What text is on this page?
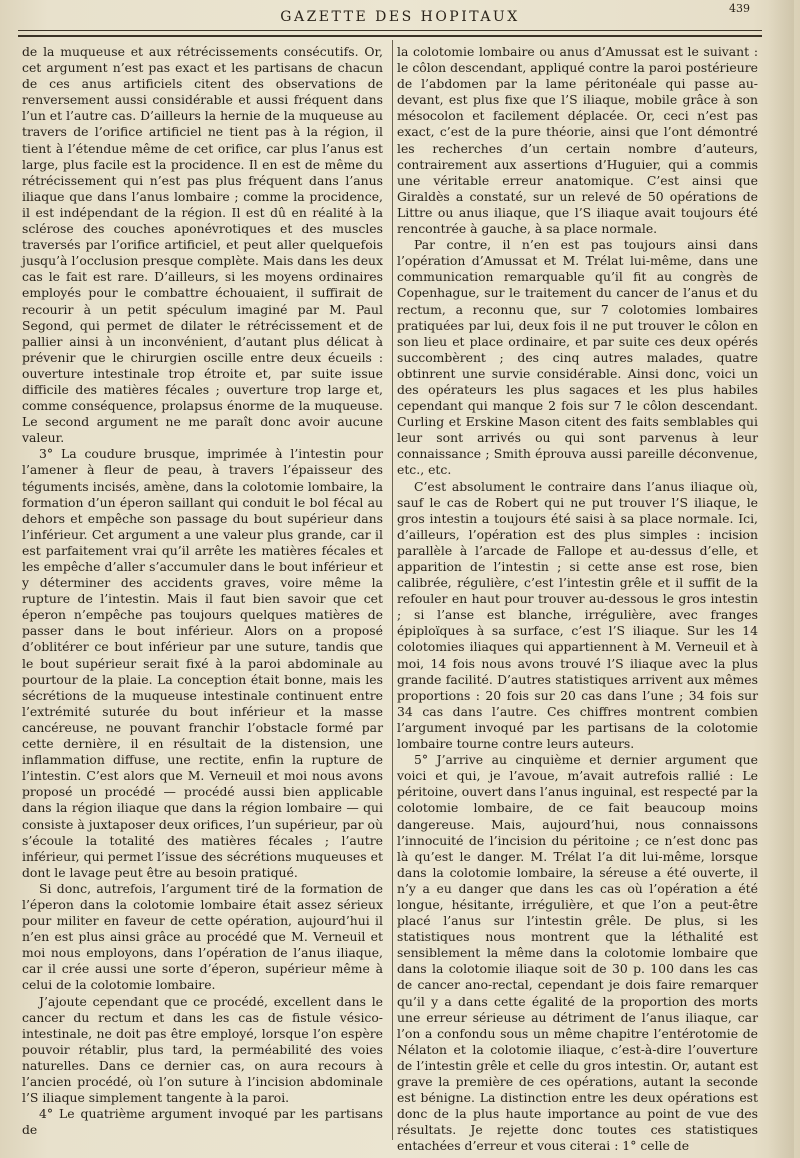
GAZETTE DES HOPITAUX
439

de la muqueuse et aux rétrécissements consécutifs. Or, cet argument n’est pas exact et les partisans de chacun de ces anus artificiels citent des observations de renversement aussi considérable et aussi fréquent dans l’un et l’autre cas. D’ailleurs la hernie de la muqueuse au travers de l’orifice artificiel ne tient pas à la région, il tient à l’étendue même de cet orifice, car plus l’anus est large, plus facile est la procidence. Il en est de même du rétrécissement qui n’est pas plus fréquent dans l’anus iliaque que dans l’anus lombaire ; comme la procidence, il est indépendant de la région. Il est dû en réalité à la sclérose des couches aponévrotiques et des muscles traversés par l’orifice artificiel, et peut aller quelquefois jusqu’à l’occlusion presque complète. Mais dans les deux cas le fait est rare. D’ailleurs, si les moyens ordinaires employés pour le combattre échouaient, il suffirait de recourir à un petit spéculum imaginé par M. Paul Segond, qui permet de dilater le rétrécissement et de pallier ainsi à un inconvénient, d’autant plus délicat à prévenir que le chirurgien oscille entre deux écueils : ouverture intestinale trop étroite et, par suite issue difficile des matières fécales ; ouverture trop large et, comme conséquence, prolapsus énorme de la muqueuse. Le second argument ne me paraît donc avoir aucune valeur.

3° La coudure brusque, imprimée à l’intestin pour l’amener à fleur de peau, à travers l’épaisseur des téguments incisés, amène, dans la colotomie lombaire, la formation d’un éperon saillant qui conduit le bol fécal au dehors et empêche son passage du bout supérieur dans l’inférieur. Cet argument a une valeur plus grande, car il est parfaitement vrai qu’il arrête les matières fécales et les empêche d’aller s’accumuler dans le bout inférieur et y déterminer des accidents graves, voire même la rupture de l’intestin. Mais il faut bien savoir que cet éperon n’empêche pas toujours quelques matières de passer dans le bout inférieur. Alors on a proposé d’oblitérer ce bout inférieur par une suture, tandis que le bout supérieur serait fixé à la paroi abdominale au pourtour de la plaie. La conception était bonne, mais les sécrétions de la muqueuse intestinale continuent entre l’extrémité suturée du bout inférieur et la masse cancéreuse, ne pouvant franchir l’obstacle formé par cette dernière, il en résultait de la distension, une inflammation diffuse, une rectite, enfin la rupture de l’intestin. C’est alors que M. Verneuil et moi nous avons proposé un procédé — procédé aussi bien applicable dans la région iliaque que dans la région lombaire — qui consiste à juxtaposer deux orifices, l’un supérieur, par où s’écoule la totalité des matières fécales ; l’autre inférieur, qui permet l’issue des sécrétions muqueuses et dont le lavage peut être au besoin pratiqué.

Si donc, autrefois, l’argument tiré de la formation de l’éperon dans la colotomie lombaire était assez sérieux pour militer en faveur de cette opération, aujourd’hui il n’en est plus ainsi grâce au procédé que M. Verneuil et moi nous employons, dans l’opération de l’anus iliaque, car il crée aussi une sorte d’éperon, supérieur même à celui de la colotomie lombaire.

J’ajoute cependant que ce procédé, excellent dans le cancer du rectum et dans les cas de fistule vésico-intestinale, ne doit pas être employé, lorsque l’on espère pouvoir rétablir, plus tard, la perméabilité des voies naturelles. Dans ce dernier cas, on aura recours à l’ancien procédé, où l’on suture à l’incision abdominale l’S iliaque simplement tangente à la paroi.

4° Le quatrième argument invoqué par les partisans de

la colotomie lombaire ou anus d’Amussat est le suivant : le côlon descendant, appliqué contre la paroi postérieure de l’abdomen par la lame péritonéale qui passe au-devant, est plus fixe que l’S iliaque, mobile grâce à son mésocolon et facilement déplacée. Or, ceci n’est pas exact, c’est de la pure théorie, ainsi que l’ont démontré les recherches d’un certain nombre d’auteurs, contrairement aux assertions d’Huguier, qui a commis une véritable erreur anatomique. C’est ainsi que Giraldès a constaté, sur un relevé de 50 opérations de Littre ou anus iliaque, que l’S iliaque avait toujours été rencontrée à gauche, à sa place normale.

Par contre, il n’en est pas toujours ainsi dans l’opération d’Amussat et M. Trélat lui-même, dans une communication remarquable qu’il fit au congrès de Copenhague, sur le traitement du cancer de l’anus et du rectum, a reconnu que, sur 7 colotomies lombaires pratiquées par lui, deux fois il ne put trouver le côlon en son lieu et place ordinaire, et par suite ces deux opérés succombèrent ; des cinq autres malades, quatre obtinrent une survie considérable. Ainsi donc, voici un des opérateurs les plus sagaces et les plus habiles cependant qui manque 2 fois sur 7 le côlon descendant. Curling et Erskine Mason citent des faits semblables qui leur sont arrivés ou qui sont parvenus à leur connaissance ; Smith éprouva aussi pareille déconvenue, etc., etc.

C’est absolument le contraire dans l’anus iliaque où, sauf le cas de Robert qui ne put trouver l’S iliaque, le gros intestin a toujours été saisi à sa place normale. Ici, d’ailleurs, l’opération est des plus simples : incision parallèle à l’arcade de Fallope et au-dessus d’elle, et apparition de l’intestin ; si cette anse est rose, bien calibrée, régulière, c’est l’intestin grêle et il suffit de la refouler en haut pour trouver au-dessous le gros intestin ; si l’anse est blanche, irrégulière, avec franges épiploïques à sa surface, c’est l’S iliaque. Sur les 14 colotomies iliaques qui appartiennent à M. Verneuil et à moi, 14 fois nous avons trouvé l’S iliaque avec la plus grande facilité. D’autres statistiques arrivent aux mêmes proportions : 20 fois sur 20 cas dans l’une ; 34 fois sur 34 cas dans l’autre. Ces chiffres montrent combien l’argument invoqué par les partisans de la colotomie lombaire tourne contre leurs auteurs.

5° J’arrive au cinquième et dernier argument que voici et qui, je l’avoue, m’avait autrefois rallié : Le péritoine, ouvert dans l’anus inguinal, est respecté par la colotomie lombaire, de ce fait beaucoup moins dangereuse. Mais, aujourd’hui, nous connaissons l’innocuité de l’incision du péritoine ; ce n’est donc pas là qu’est le danger. M. Trélat l’a dit lui-même, lorsque dans la colotomie lombaire, la séreuse a été ouverte, il n’y a eu danger que dans les cas où l’opération a été longue, hésitante, irrégulière, et que l’on a peut-être placé l’anus sur l’intestin grêle. De plus, si les statistiques nous montrent que la léthalité est sensiblement la même dans la colotomie lombaire que dans la colotomie iliaque soit de 30 p. 100 dans les cas de cancer ano-rectal, cependant je dois faire remarquer qu’il y a dans cette égalité de la proportion des morts une erreur sérieuse au détriment de l’anus iliaque, car l’on a confondu sous un même chapitre l’entérotomie de Nélaton et la colotomie iliaque, c’est-à-dire l’ouverture de l’intestin grêle et celle du gros intestin. Or, autant est grave la première de ces opérations, autant la seconde est bénigne. La distinction entre les deux opérations est donc de la plus haute importance au point de vue des résultats. Je rejette donc toutes ces statistiques entachées d’erreur et vous citerai : 1° celle de
